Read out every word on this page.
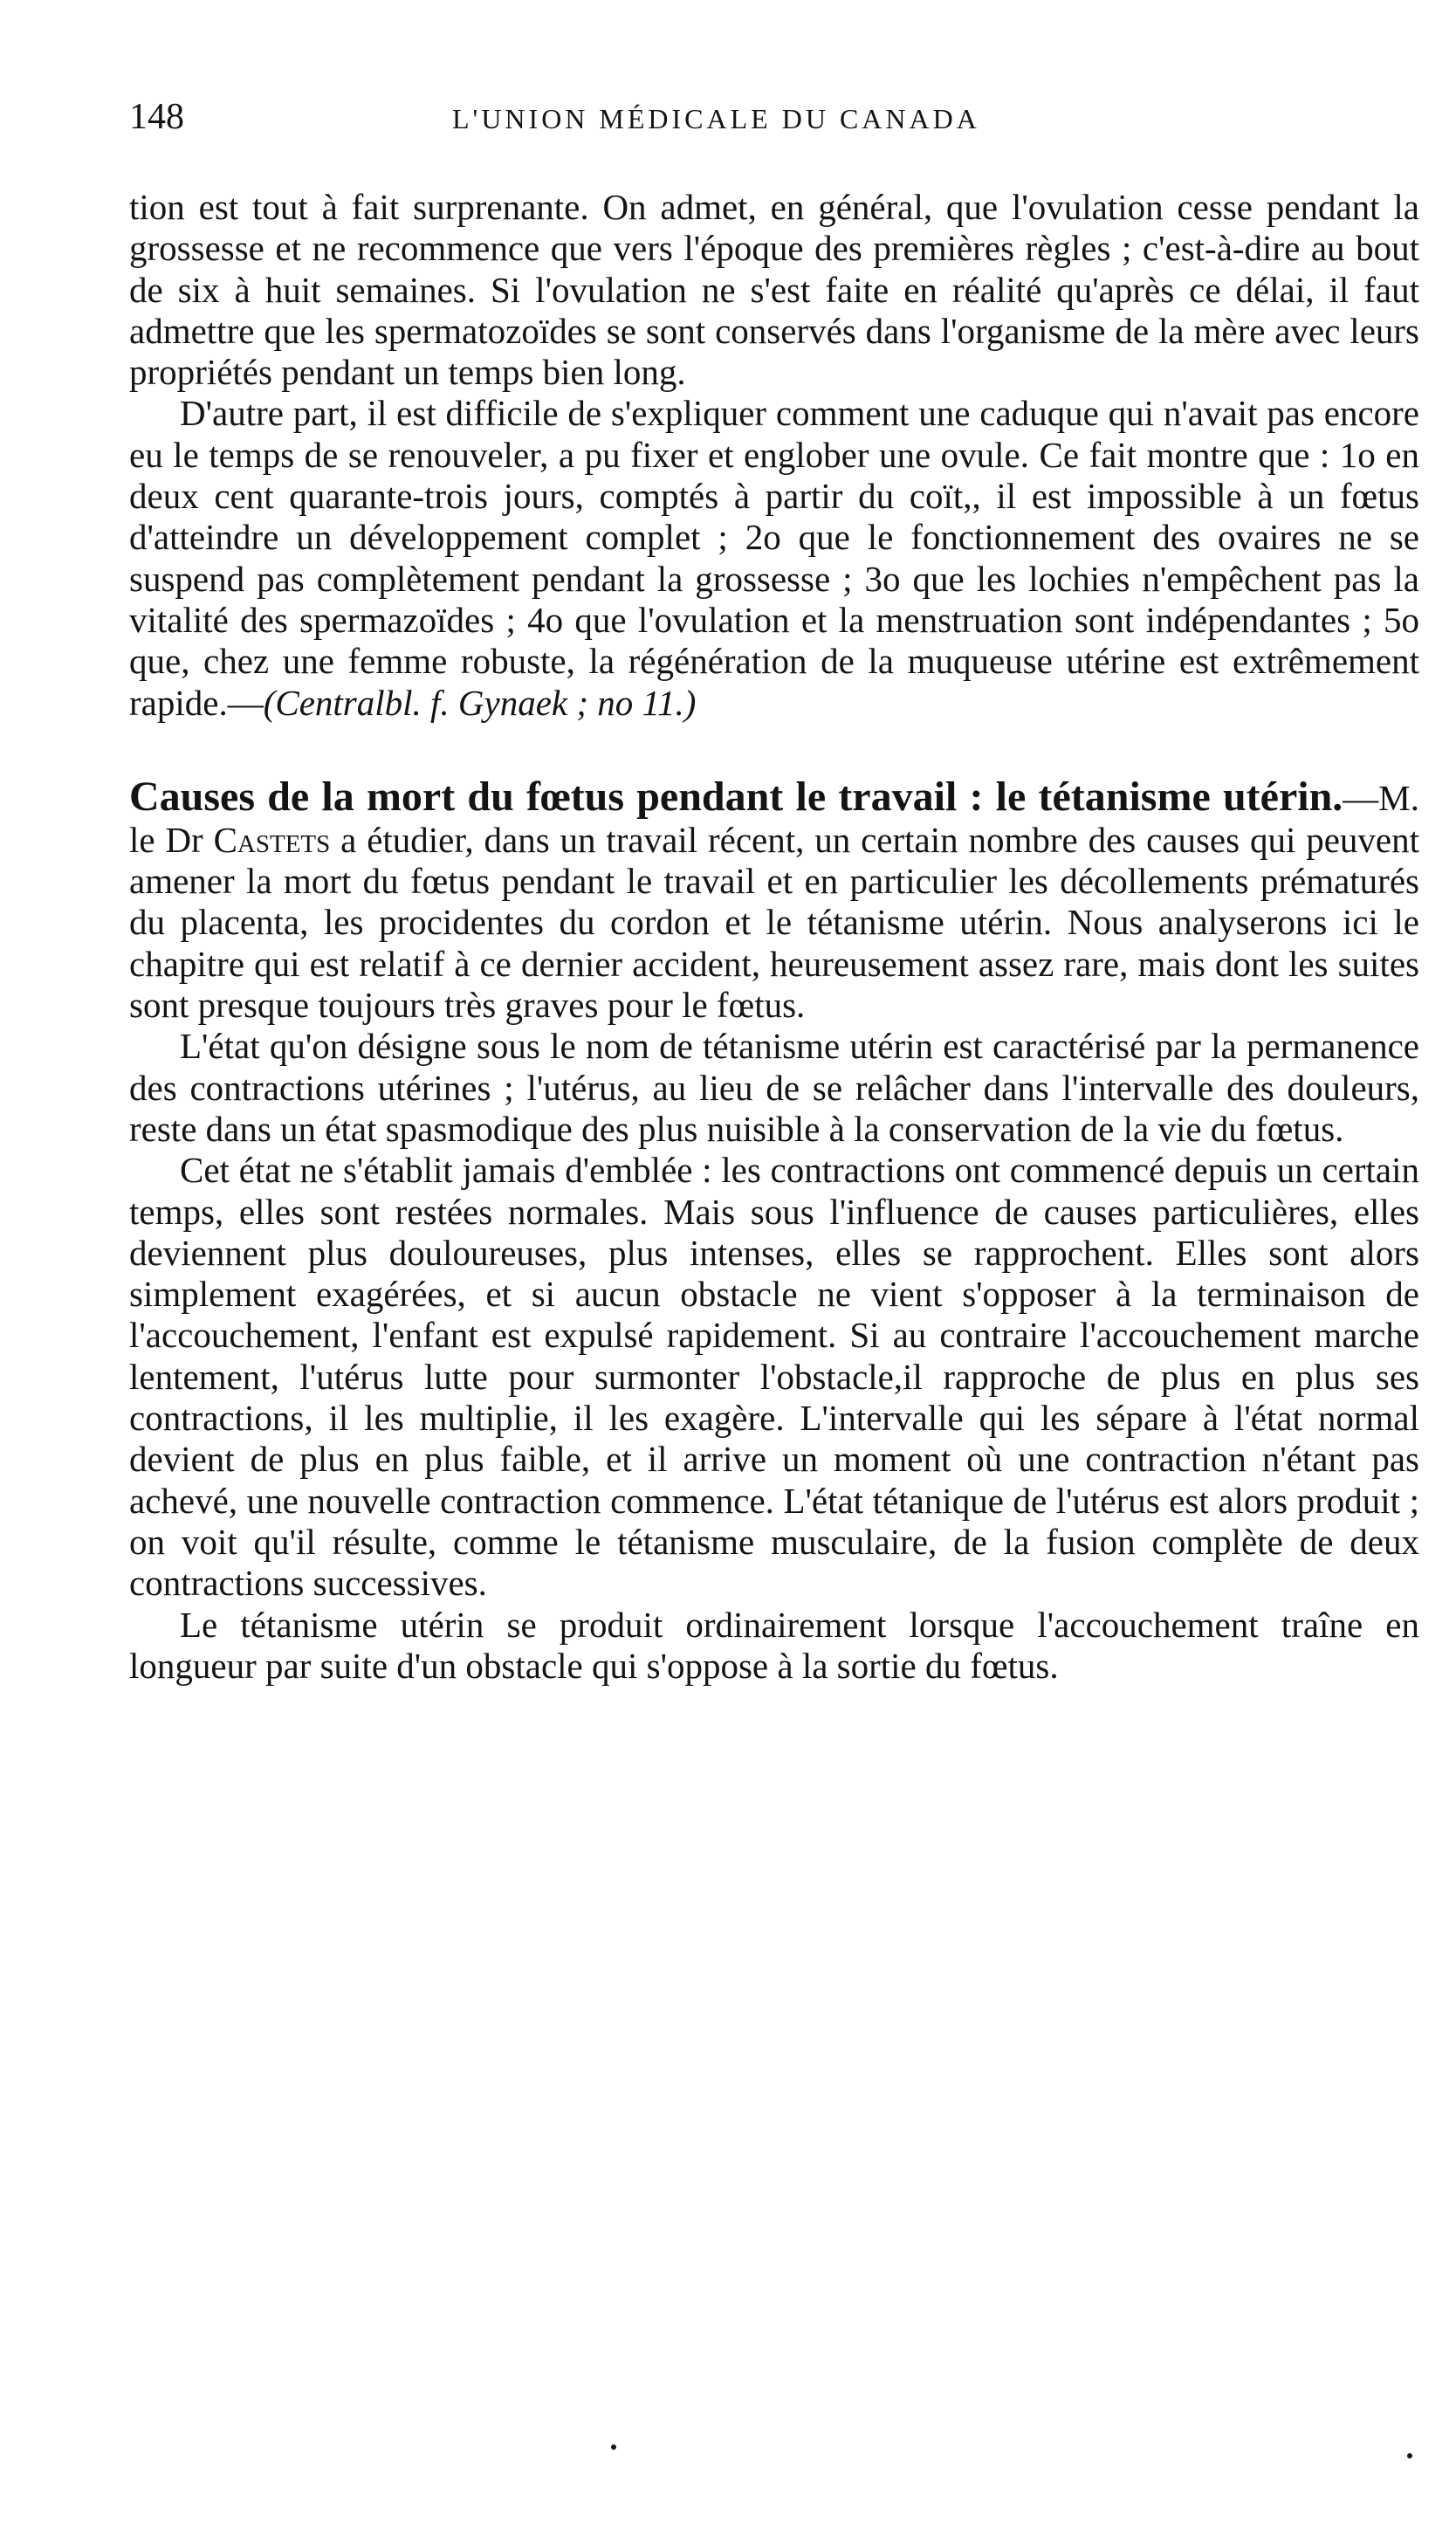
148	L'UNION MÉDICALE DU CANADA

tion est tout à fait surprenante. On admet, en général, que l'ovulation cesse pendant la grossesse et ne recommence que vers l'époque des premières règles ; c'est-à-dire au bout de six à huit semaines. Si l'ovulation ne s'est faite en réalité qu'après ce délai, il faut admettre que les spermatozoïdes se sont conservés dans l'organisme de la mère avec leurs propriétés pendant un temps bien long.

D'autre part, il est difficile de s'expliquer comment une caduque qui n'avait pas encore eu le temps de se renouveler, a pu fixer et englober une ovule. Ce fait montre que : 1o en deux cent quarante-trois jours, comptés à partir du coït,, il est impossible à un fœtus d'atteindre un développement complet ; 2o que le fonctionnement des ovaires ne se suspend pas complètement pendant la grossesse ; 3o que les lochies n'empêchent pas la vitalité des spermazoïdes ; 4o que l'ovulation et la menstruation sont indépendantes ; 5o que, chez une femme robuste, la régénération de la muqueuse utérine est extrêmement rapide.—(Centralbl. f. Gynaek ; no 11.)

Causes de la mort du fœtus pendant le travail : le tétanisme utérin.—M. le Dr Castets a étudier, dans un travail récent, un certain nombre des causes qui peuvent amener la mort du fœtus pendant le travail et en particulier les décollements prématurés du placenta, les procidentes du cordon et le tétanisme utérin. Nous analyserons ici le chapitre qui est relatif à ce dernier accident, heureusement assez rare, mais dont les suites sont presque toujours très graves pour le fœtus.

L'état qu'on désigne sous le nom de tétanisme utérin est caractérisé par la permanence des contractions utérines ; l'utérus, au lieu de se relâcher dans l'intervalle des douleurs, reste dans un état spasmodique des plus nuisible à la conservation de la vie du fœtus.

Cet état ne s'établit jamais d'emblée : les contractions ont commencé depuis un certain temps, elles sont restées normales. Mais sous l'influence de causes particulières, elles deviennent plus douloureuses, plus intenses, elles se rapprochent. Elles sont alors simplement exagérées, et si aucun obstacle ne vient s'opposer à la terminaison de l'accouchement, l'enfant est expulsé rapidement. Si au contraire l'accouchement marche lentement, l'utérus lutte pour surmonter l'obstacle,il rapproche de plus en plus ses contractions, il les multiplie, il les exagère. L'intervalle qui les sépare à l'état normal devient de plus en plus faible, et il arrive un moment où une contraction n'étant pas achevé, une nouvelle contraction commence. L'état tétanique de l'utérus est alors produit ; on voit qu'il résulte, comme le tétanisme musculaire, de la fusion complète de deux contractions successives.

Le tétanisme utérin se produit ordinairement lorsque l'accouchement traîne en longueur par suite d'un obstacle qui s'oppose à la sortie du fœtus.
